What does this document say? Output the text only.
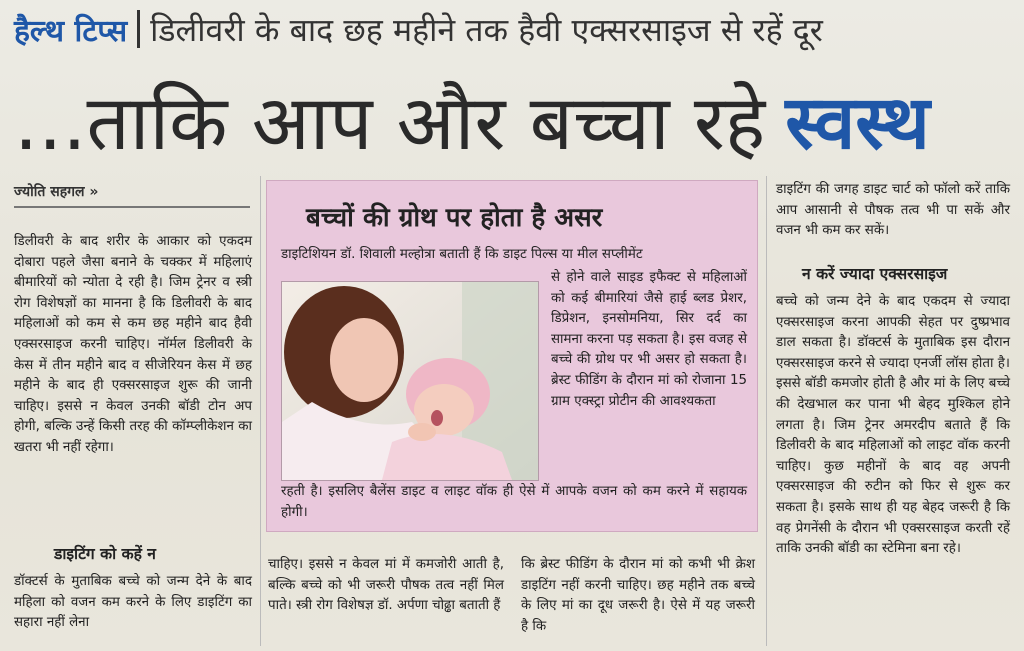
हैल्थ टिप्स डिलीवरी के बाद छह महीने तक हैवी एक्सरसाइज से रहें दूर
...ताकि आप और बच्चा रहे स्वस्थ
ज्योति सहगल »
डिलीवरी के बाद शरीर के आकार को एकदम दोबारा पहले जैसा बनाने के चक्कर में महिलाएं बीमारियों को न्योता दे रही है। जिम ट्रेनर व स्त्री रोग विशेषज्ञों का मानना है कि डिलीवरी के बाद महिलाओं को कम से कम छह महीने बाद हैवी एक्सरसाइज करनी चाहिए। नॉर्मल डिलीवरी के केस में तीन महीने बाद व सीजेरियन केस में छह महीने के बाद ही एक्सरसाइज शुरू की जानी चाहिए। इससे न केवल उनकी बॉडी टोन अप होगी, बल्कि उन्हें किसी तरह की कॉम्प्लीकेशन का खतरा भी नहीं रहेगा।
डाइटिंग को कहें न
डॉक्टर्स के मुताबिक बच्चे को जन्म देने के बाद महिला को वजन कम करने के लिए डाइटिंग का सहारा नहीं लेना
बच्चों की ग्रोथ पर होता है असर
डाइटिशियन डॉ. शिवाली मल्होत्रा बताती हैं कि डाइट पिल्स या मील सप्लीमेंट
से होने वाले साइड इफैक्ट से महिलाओं को कई बीमारियां जैसे हाई ब्लड प्रेशर, डिप्रेशन, इनसोमनिया, सिर दर्द का सामना करना पड़ सकता है। इस वजह से बच्चे की ग्रोथ पर भी असर हो सकता है। ब्रेस्ट फीडिंग के दौरान मां को रोजाना 15 ग्राम एक्स्ट्रा प्रोटीन की आवश्यकता
रहती है। इसलिए बैलेंस डाइट व लाइट वॉक ही ऐसे में आपके वजन को कम करने में सहायक होगी।
चाहिए। इससे न केवल मां में कमजोरी आती है, बल्कि बच्चे को भी जरूरी पौषक तत्व नहीं मिल पाते। स्त्री रोग विशेषज्ञ डॉ. अर्पणा चोढ्ढा बताती हैं
कि ब्रेस्ट फीडिंग के दौरान मां को कभी भी क्रेश डाइटिंग नहीं करनी चाहिए। छह महीने तक बच्चे के लिए मां का दूध जरूरी है। ऐसे में यह जरूरी है कि
डाइटिंग की जगह डाइट चार्ट को फॉलो करें ताकि आप आसानी से पौषक तत्व भी पा सकें और वजन भी कम कर सकें।
न करें ज्यादा एक्सरसाइज
बच्चे को जन्म देने के बाद एकदम से ज्यादा एक्सरसाइज करना आपकी सेहत पर दुष्प्रभाव डाल सकता है। डॉक्टर्स के मुताबिक इस दौरान एक्सरसाइज करने से ज्यादा एनर्जी लॉस होता है। इससे बॉडी कमजोर होती है और मां के लिए बच्चे की देखभाल कर पाना भी बेहद मुश्किल होने लगता है। जिम ट्रेनर अमरदीप बताते हैं कि डिलीवरी के बाद महिलाओं को लाइट वॉक करनी चाहिए। कुछ महीनों के बाद वह अपनी एक्सरसाइज की रुटीन को फिर से शुरू कर सकता है। इसके साथ ही यह बेहद जरूरी है कि वह प्रेगनेंसी के दौरान भी एक्सरसाइज करती रहें ताकि उनकी बॉडी का स्टेमिना बना रहे।
